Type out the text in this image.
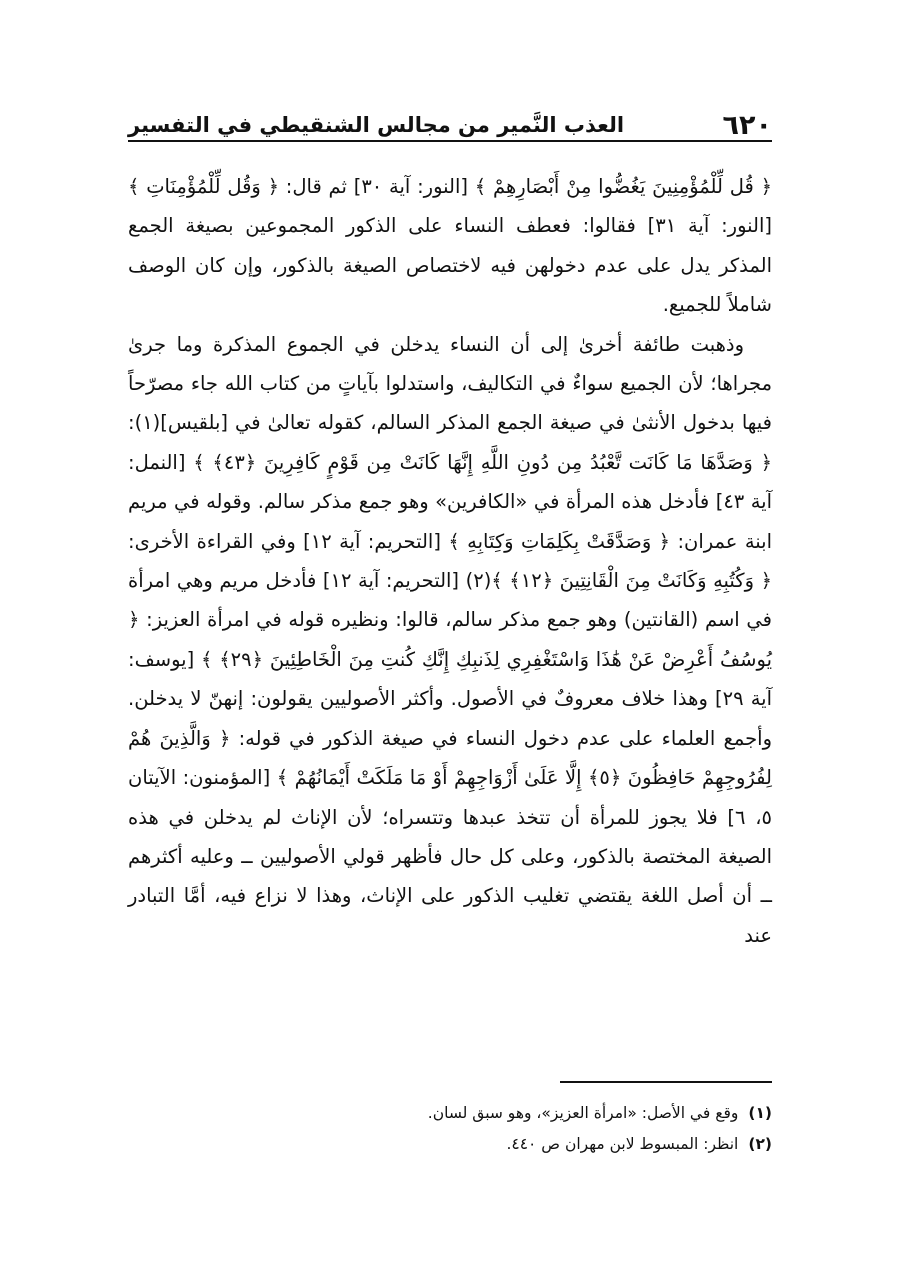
٦٢٠
العذب النَّمير من مجالس الشنقيطي في التفسير

﴿ قُل لِّلْمُؤْمِنِينَ يَغُضُّوا مِنْ أَبْصَارِهِمْ ﴾ [النور: آية ٣٠] ثم قال: ﴿ وَقُل لِّلْمُؤْمِنَاتِ ﴾ [النور: آية ٣١] فقالوا: فعطف النساء على الذكور المجموعين بصيغة الجمع المذكر يدل على عدم دخولهن فيه لاختصاص الصيغة بالذكور، وإن كان الوصف شاملاً للجميع.

وذهبت طائفة أخرىٰ إلى أن النساء يدخلن في الجموع المذكرة وما جرىٰ مجراها؛ لأن الجميع سواءٌ في التكاليف، واستدلوا بآياتٍ من كتاب الله جاء مصرّحاً فيها بدخول الأنثىٰ في صيغة الجمع المذكر السالم، كقوله تعالىٰ في [بلقيس](١): ﴿ وَصَدَّهَا مَا كَانَت تَّعْبُدُ مِن دُونِ اللَّهِ إِنَّهَا كَانَتْ مِن قَوْمٍ كَافِرِينَ ﴿٤٣﴾ ﴾ [النمل: آية ٤٣] فأدخل هذه المرأة في «الكافرين» وهو جمع مذكر سالم. وقوله في مريم ابنة عمران: ﴿ وَصَدَّقَتْ بِكَلِمَاتِ وَكِتَابِهِ ﴾ [التحريم: آية ١٢] وفي القراءة الأخرى: ﴿ وَكُتُبِهِ وَكَانَتْ مِنَ الْقَانِتِينَ ﴿١٢﴾ ﴾(٢) [التحريم: آية ١٢] فأدخل مريم وهي امرأة في اسم (القانتين) وهو جمع مذكر سالم، قالوا: ونظيره قوله في امرأة العزيز: ﴿ يُوسُفُ أَعْرِضْ عَنْ هَٰذَا وَاسْتَغْفِرِي لِذَنبِكِ إِنَّكِ كُنتِ مِنَ الْخَاطِئِينَ ﴿٢٩﴾ ﴾ [يوسف: آية ٢٩] وهذا خلاف معروفٌ في الأصول. وأكثر الأصوليين يقولون: إنهنّ لا يدخلن. وأجمع العلماء على عدم دخول النساء في صيغة الذكور في قوله: ﴿ وَالَّذِينَ هُمْ لِفُرُوجِهِمْ حَافِظُونَ ﴿٥﴾ إِلَّا عَلَىٰ أَزْوَاجِهِمْ أَوْ مَا مَلَكَتْ أَيْمَانُهُمْ ﴾ [المؤمنون: الآيتان ٥، ٦] فلا يجوز للمرأة أن تتخذ عبدها وتتسراه؛ لأن الإناث لم يدخلن في هذه الصيغة المختصة بالذكور، وعلى كل حال فأظهر قولي الأصوليين ــ وعليه أكثرهم ــ أن أصل اللغة يقتضي تغليب الذكور على الإناث، وهذا لا نزاع فيه، أمَّا التبادر عند

(١)وقع في الأصل: «امرأة العزيز»، وهو سبق لسان.
(٢)انظر: المبسوط لابن مهران ص ٤٤٠.
